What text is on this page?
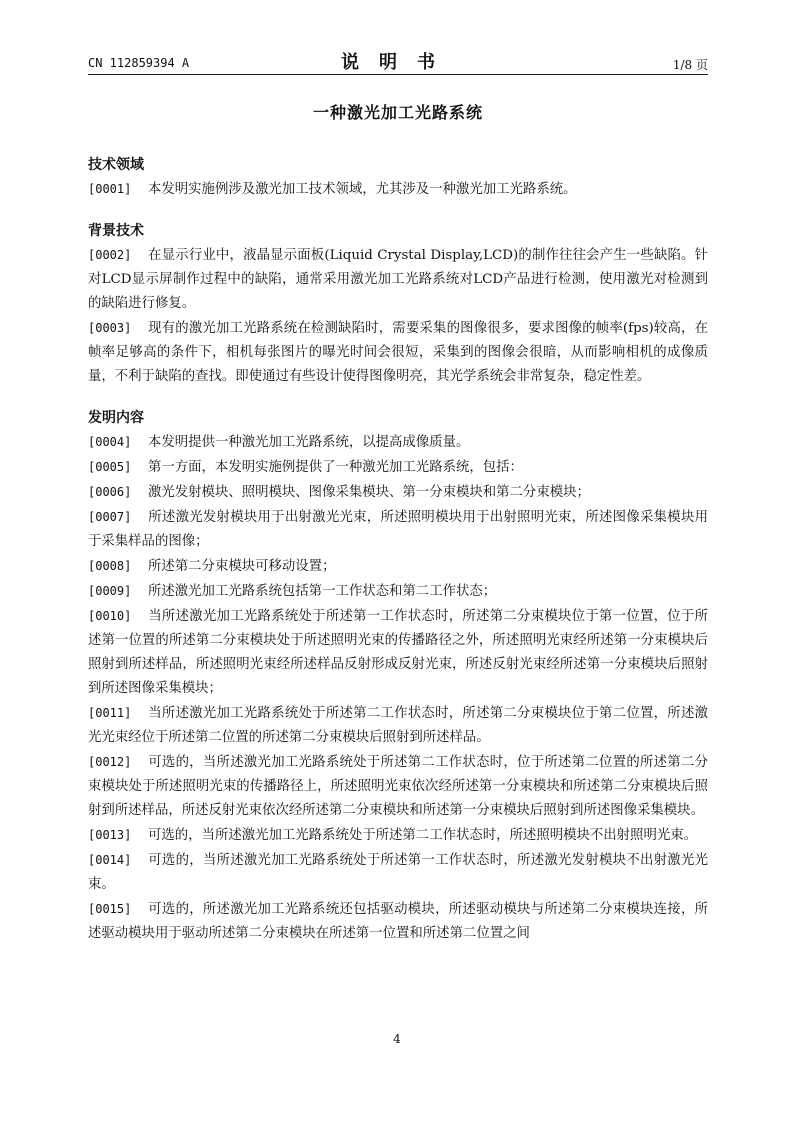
CN 112859394 A	说明书	1/8 页
一种激光加工光路系统
技术领域

[0001] 本发明实施例涉及激光加工技术领域，尤其涉及一种激光加工光路系统。

背景技术

[0002] 在显示行业中，液晶显示面板(Liquid Crystal Display,LCD)的制作往往会产生一些缺陷。针对LCD显示屏制作过程中的缺陷，通常采用激光加工光路系统对LCD产品进行检测，使用激光对检测到的缺陷进行修复。

[0003] 现有的激光加工光路系统在检测缺陷时，需要采集的图像很多，要求图像的帧率(fps)较高，在帧率足够高的条件下，相机每张图片的曝光时间会很短，采集到的图像会很暗，从而影响相机的成像质量，不利于缺陷的查找。即使通过有些设计使得图像明亮，其光学系统会非常复杂，稳定性差。

发明内容

[0004] 本发明提供一种激光加工光路系统，以提高成像质量。

[0005] 第一方面，本发明实施例提供了一种激光加工光路系统，包括：

[0006] 激光发射模块、照明模块、图像采集模块、第一分束模块和第二分束模块；

[0007] 所述激光发射模块用于出射激光光束，所述照明模块用于出射照明光束，所述图像采集模块用于采集样品的图像；

[0008] 所述第二分束模块可移动设置；

[0009] 所述激光加工光路系统包括第一工作状态和第二工作状态；

[0010] 当所述激光加工光路系统处于所述第一工作状态时，所述第二分束模块位于第一位置，位于所述第一位置的所述第二分束模块处于所述照明光束的传播路径之外，所述照明光束经所述第一分束模块后照射到所述样品，所述照明光束经所述样品反射形成反射光束，所述反射光束经所述第一分束模块后照射到所述图像采集模块；

[0011] 当所述激光加工光路系统处于所述第二工作状态时，所述第二分束模块位于第二位置，所述激光光束经位于所述第二位置的所述第二分束模块后照射到所述样品。

[0012] 可选的，当所述激光加工光路系统处于所述第二工作状态时，位于所述第二位置的所述第二分束模块处于所述照明光束的传播路径上，所述照明光束依次经所述第一分束模块和所述第二分束模块后照射到所述样品，所述反射光束依次经所述第二分束模块和所述第一分束模块后照射到所述图像采集模块。

[0013] 可选的，当所述激光加工光路系统处于所述第二工作状态时，所述照明模块不出射照明光束。

[0014] 可选的，当所述激光加工光路系统处于所述第一工作状态时，所述激光发射模块不出射激光光束。

[0015] 可选的，所述激光加工光路系统还包括驱动模块，所述驱动模块与所述第二分束模块连接，所述驱动模块用于驱动所述第二分束模块在所述第一位置和所述第二位置之间

4
